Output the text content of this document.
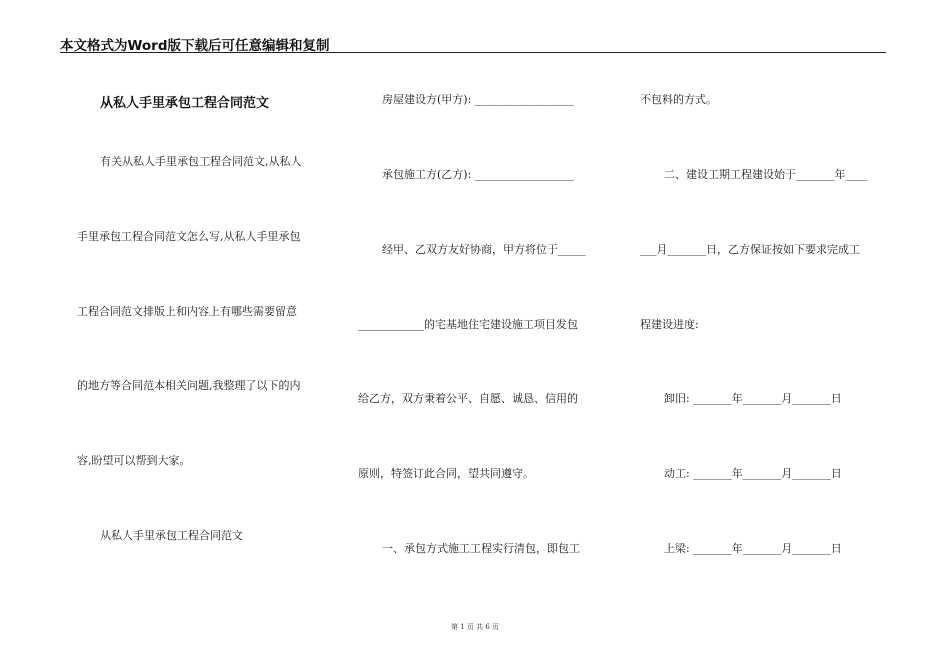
本文格式为Word版下载后可任意编辑和复制
从私人手里承包工程合同范文

有关从私人手里承包工程合同范文,从私人

手里承包工程合同范文怎么写,从私人手里承包

工程合同范文排版上和内容上有哪些需要留意

的地方等合同范本相关问题,我整理了以下的内

容,盼望可以帮到大家。

从私人手里承包工程合同范文

房屋建设方(甲方): __________________

承包施工方(乙方): __________________

经甲、乙双方友好协商，甲方将位于_____

____________的宅基地住宅建设施工项目发包

给乙方，双方秉着公平、自愿、诚恳、信用的

原则，特签订此合同，望共同遵守。

一、承包方式施工工程实行清包，即包工

不包料的方式。

二、建设工期工程建设始于_______年____

___月_______日，乙方保证按如下要求完成工

程建设进度:

卸旧: _______年_______月_______日

动工: _______年_______月_______日

上梁: _______年_______月_______日

第 1 页 共 6 页
